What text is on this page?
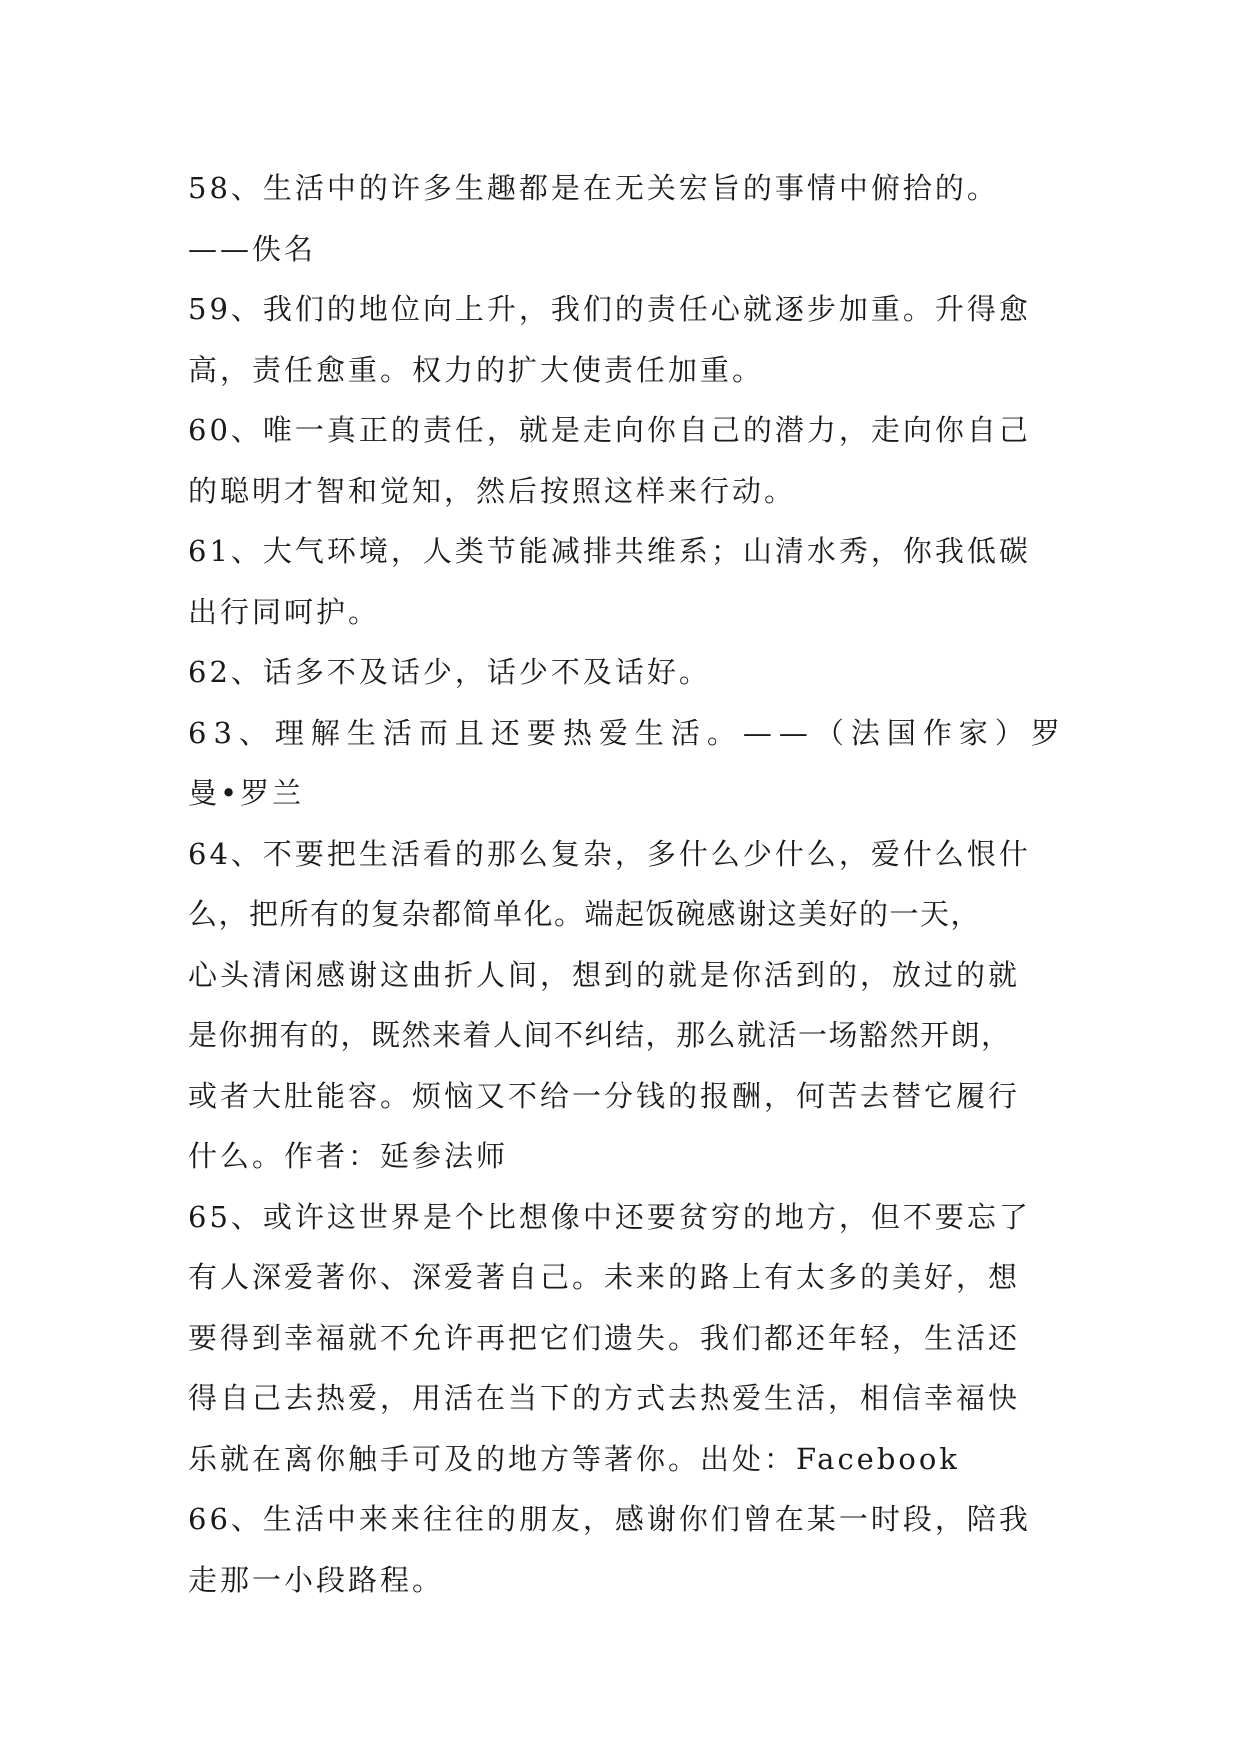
58、生活中的许多生趣都是在无关宏旨的事情中俯拾的。
——佚名
59、我们的地位向上升，我们的责任心就逐步加重。升得愈
高，责任愈重。权力的扩大使责任加重。
60、唯一真正的责任，就是走向你自己的潜力，走向你自己
的聪明才智和觉知，然后按照这样来行动。
61、大气环境，人类节能减排共维系；山清水秀，你我低碳
出行同呵护。
62、话多不及话少，话少不及话好。
63、理解生活而且还要热爱生活。——（法国作家）罗
曼•罗兰
64、不要把生活看的那么复杂，多什么少什么，爱什么恨什
么，把所有的复杂都简单化。端起饭碗感谢这美好的一天，
心头清闲感谢这曲折人间，想到的就是你活到的，放过的就
是你拥有的，既然来着人间不纠结，那么就活一场豁然开朗，
或者大肚能容。烦恼又不给一分钱的报酬，何苦去替它履行
什么。作者：延参法师
65、或许这世界是个比想像中还要贫穷的地方，但不要忘了
有人深爱著你、深爱著自己。未来的路上有太多的美好，想
要得到幸福就不允许再把它们遗失。我们都还年轻，生活还
得自己去热爱，用活在当下的方式去热爱生活，相信幸福快
乐就在离你触手可及的地方等著你。出处：Facebook
66、生活中来来往往的朋友，感谢你们曾在某一时段，陪我
走那一小段路程。
